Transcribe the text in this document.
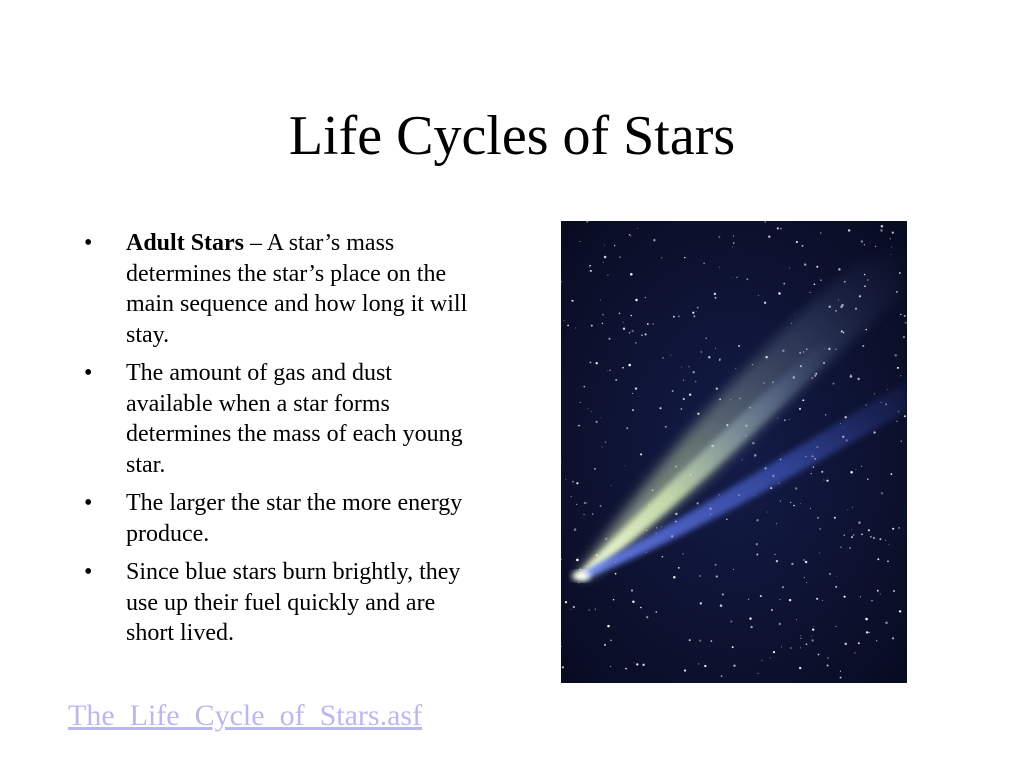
Life Cycles of Stars
• Adult Stars – A star’s mass determines the star’s place on the main sequence and how long it will stay.
• The amount of gas and dust available when a star forms determines the mass of each young star.
• The larger the star the more energy produce.
• Since blue stars burn brightly, they use up their fuel quickly and are short lived.
The_Life_Cycle_of_Stars.asf
